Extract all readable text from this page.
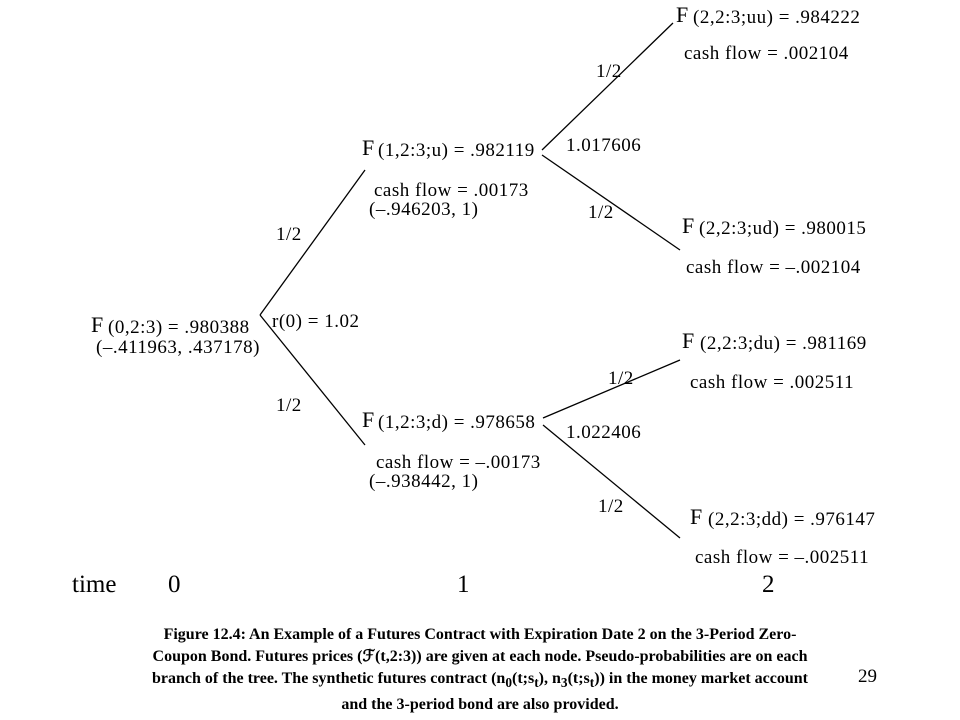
F (0,2:3) = .980388
(–.411963, .437178)
r(0) = 1.02
1/2
1/2
F (1,2:3;u) = .982119
cash flow = .00173
(–.946203, 1)
1.017606
1/2
1/2
F (1,2:3;d) = .978658
cash flow = –.00173
(–.938442, 1)
1.022406
1/2
1/2
F (2,2:3;uu) = .984222
cash flow = .002104
F (2,2:3;ud) = .980015
cash flow = –.002104
F (2,2:3;du) = .981169
cash flow = .002511
F (2,2:3;dd) = .976147
cash flow = –.002511
time 0	1	2
Figure 12.4: An Example of a Futures Contract with Expiration Date 2 on the 3-Period Zero-
Coupon Bond. Futures prices (ℱ(t,2:3)) are given at each node. Pseudo-probabilities are on each
branch of the tree. The synthetic futures contract ($n_0(t;s_t)$, $n_3(t;s_t)$) in the money market account
and the 3-period bond are also provided.
29
